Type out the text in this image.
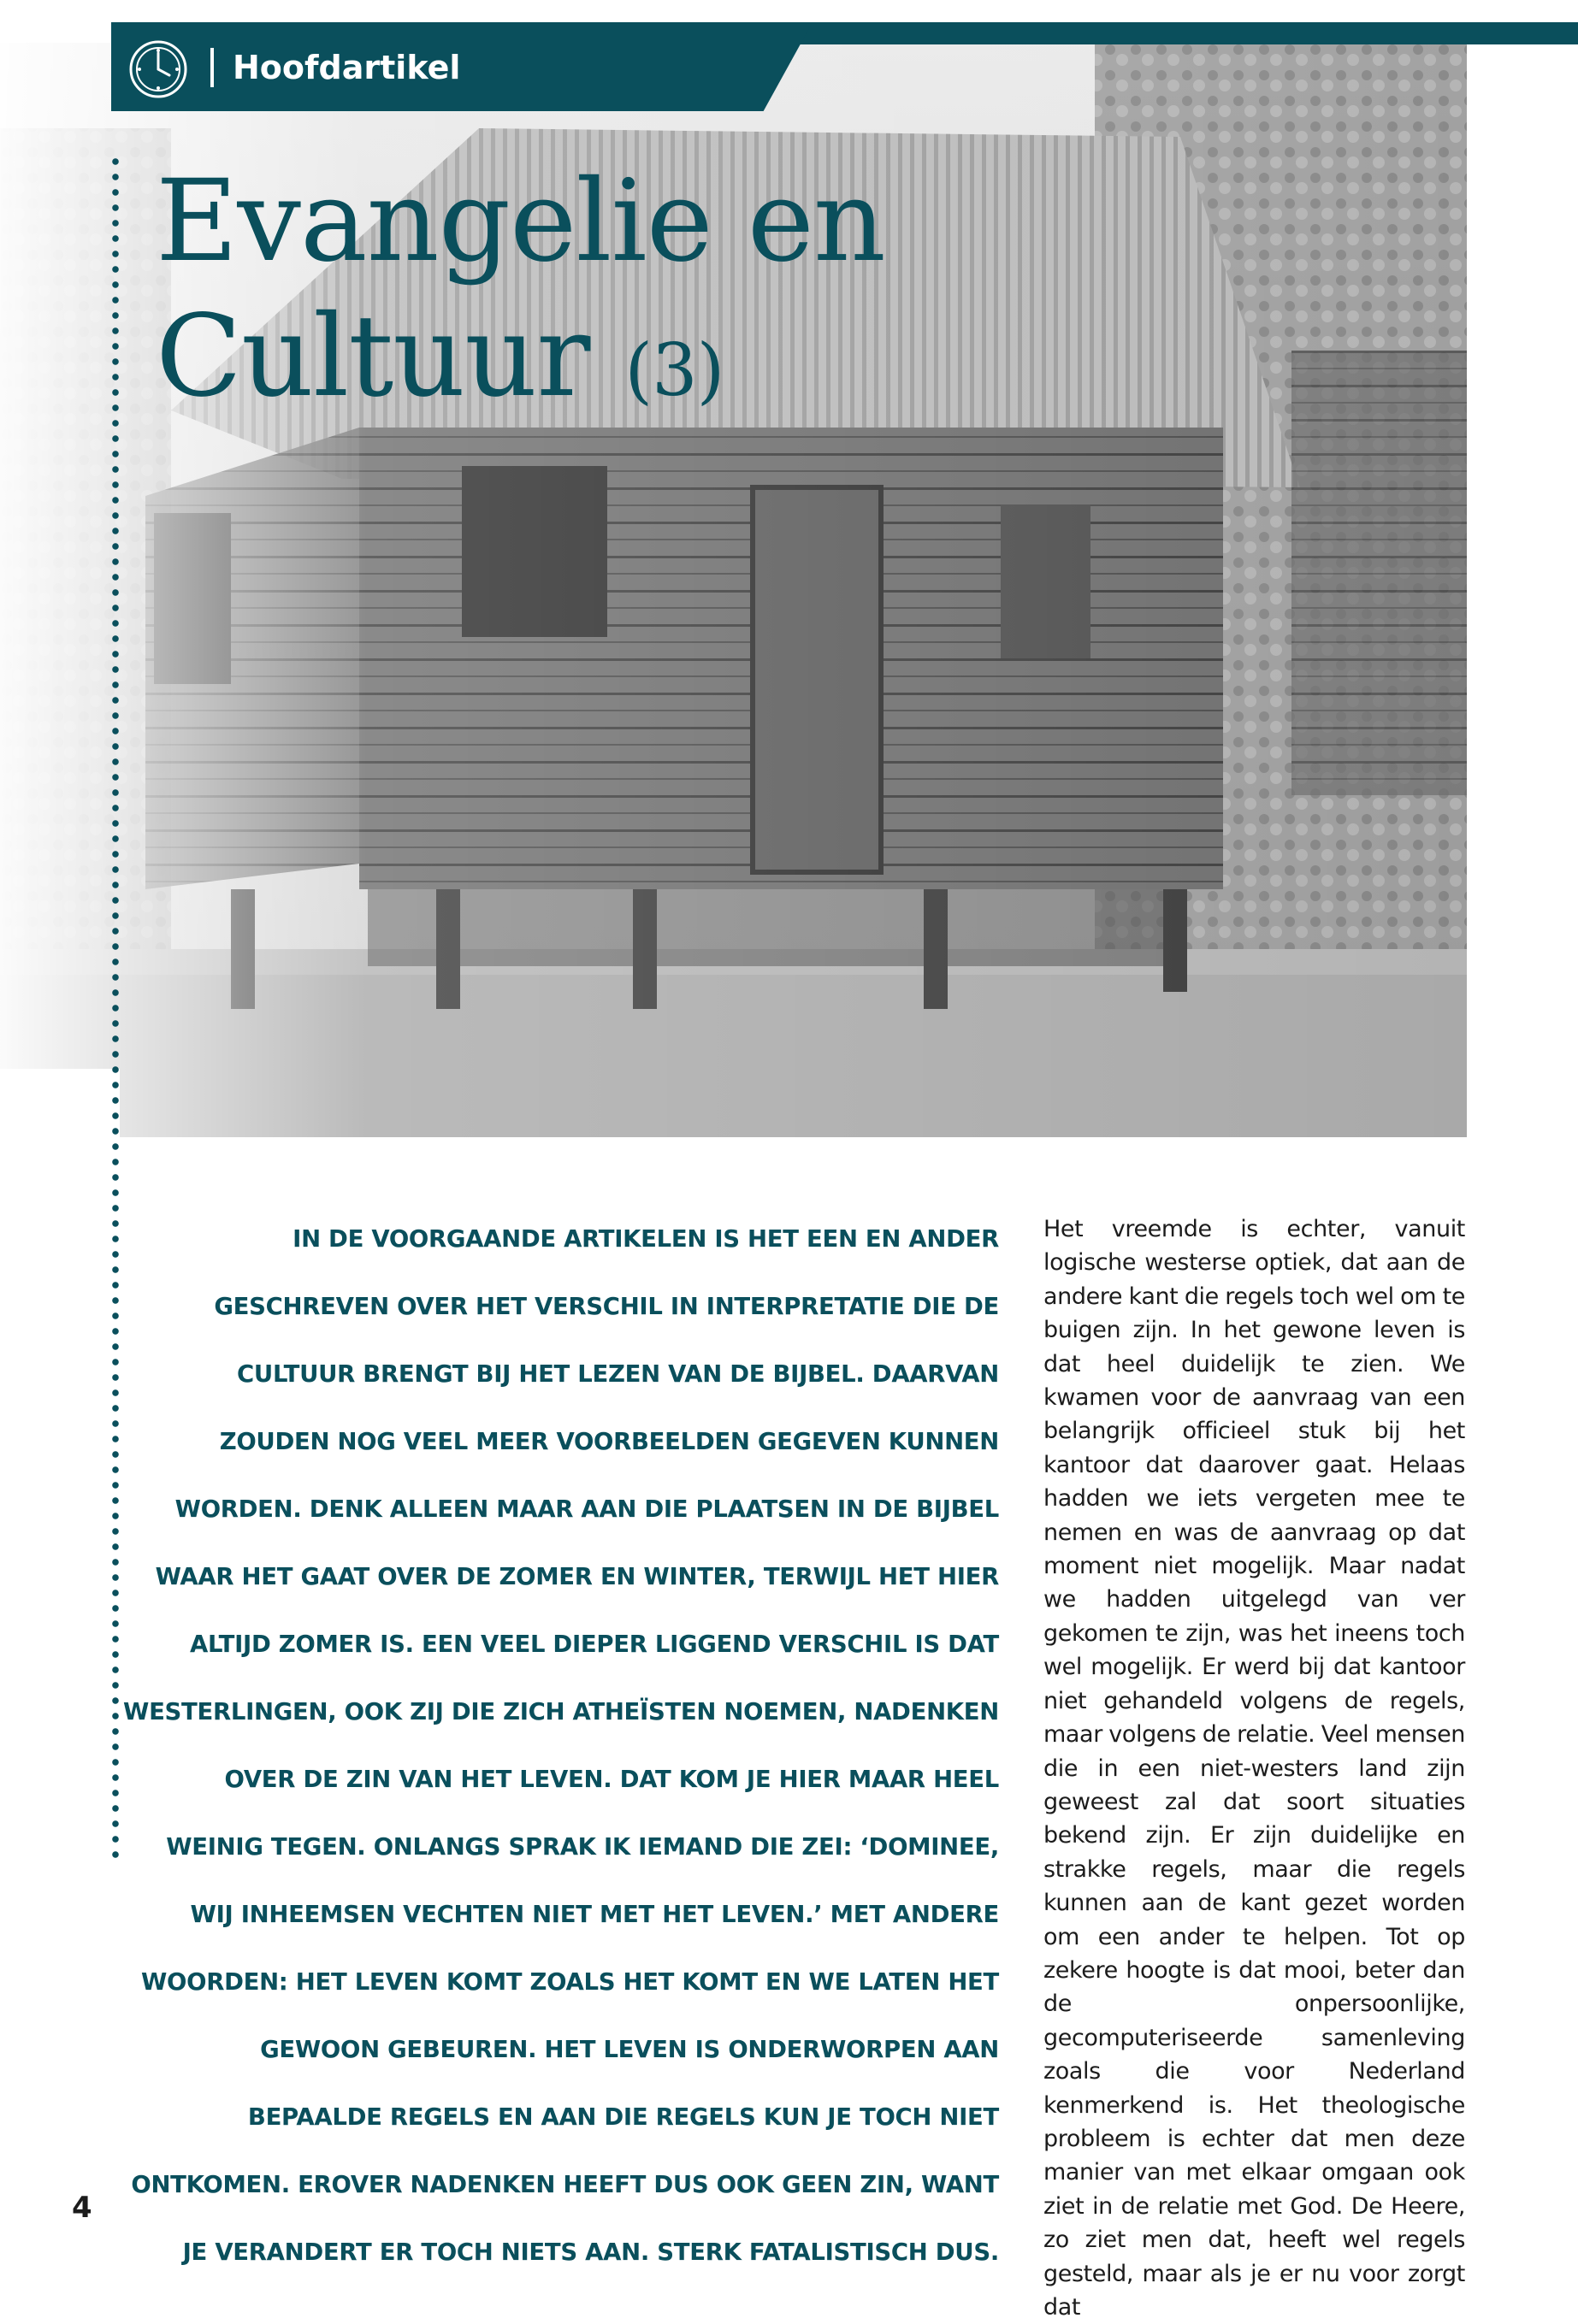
Hoofdartikel
Evangelie en
Cultuur (3)

IN DE VOORGAANDE ARTIKELEN IS HET EEN EN ANDER GESCHREVEN OVER HET VERSCHIL IN INTERPRETATIE DIE DE CULTUUR BRENGT BIJ HET LEZEN VAN DE BIJBEL. DAARVAN ZOUDEN NOG VEEL MEER VOORBEELDEN GEGEVEN KUNNEN WORDEN. DENK ALLEEN MAAR AAN DIE PLAATSEN IN DE BIJBEL WAAR HET GAAT OVER DE ZOMER EN WINTER, TERWIJL HET HIER ALTIJD ZOMER IS. EEN VEEL DIEPER LIGGEND VERSCHIL IS DAT WESTERLINGEN, OOK ZIJ DIE ZICH ATHEÏSTEN NOEMEN, NADENKEN OVER DE ZIN VAN HET LEVEN. DAT KOM JE HIER MAAR HEEL WEINIG TEGEN. ONLANGS SPRAK IK IEMAND DIE ZEI: ‘DOMINEE, WIJ INHEEMSEN VECHTEN NIET MET HET LEVEN.’ MET ANDERE WOORDEN: HET LEVEN KOMT ZOALS HET KOMT EN WE LATEN HET GEWOON GEBEUREN. HET LEVEN IS ONDERWORPEN AAN BEPAALDE REGELS EN AAN DIE REGELS KUN JE TOCH NIET ONTKOMEN. EROVER NADENKEN HEEFT DUS OOK GEEN ZIN, WANT JE VERANDERT ER TOCH NIETS AAN. STERK FATALISTISCH DUS.

Het vreemde is echter, vanuit logische westerse optiek, dat aan de andere kant die regels toch wel om te buigen zijn. In het gewone leven is dat heel duidelijk te zien. We kwamen voor de aanvraag van een belangrijk officieel stuk bij het kantoor dat daarover gaat. Helaas hadden we iets vergeten mee te nemen en was de aanvraag op dat moment niet mogelijk. Maar nadat we hadden uitgelegd van ver gekomen te zijn, was het ineens toch wel mogelijk. Er werd bij dat kantoor niet gehandeld volgens de regels, maar volgens de relatie. Veel mensen die in een niet-westers land zijn geweest zal dat soort situaties bekend zijn. Er zijn duidelijke en strakke regels, maar die regels kunnen aan de kant gezet worden om een ander te helpen. Tot op zekere hoogte is dat mooi, beter dan de onpersoonlijke, gecomputeriseerde samenleving zoals die voor Nederland kenmerkend is. Het theologische probleem is echter dat men deze manier van met elkaar omgaan ook ziet in de relatie met God. De Heere, zo ziet men dat, heeft wel regels gesteld, maar als je er nu voor zorgt dat

4
